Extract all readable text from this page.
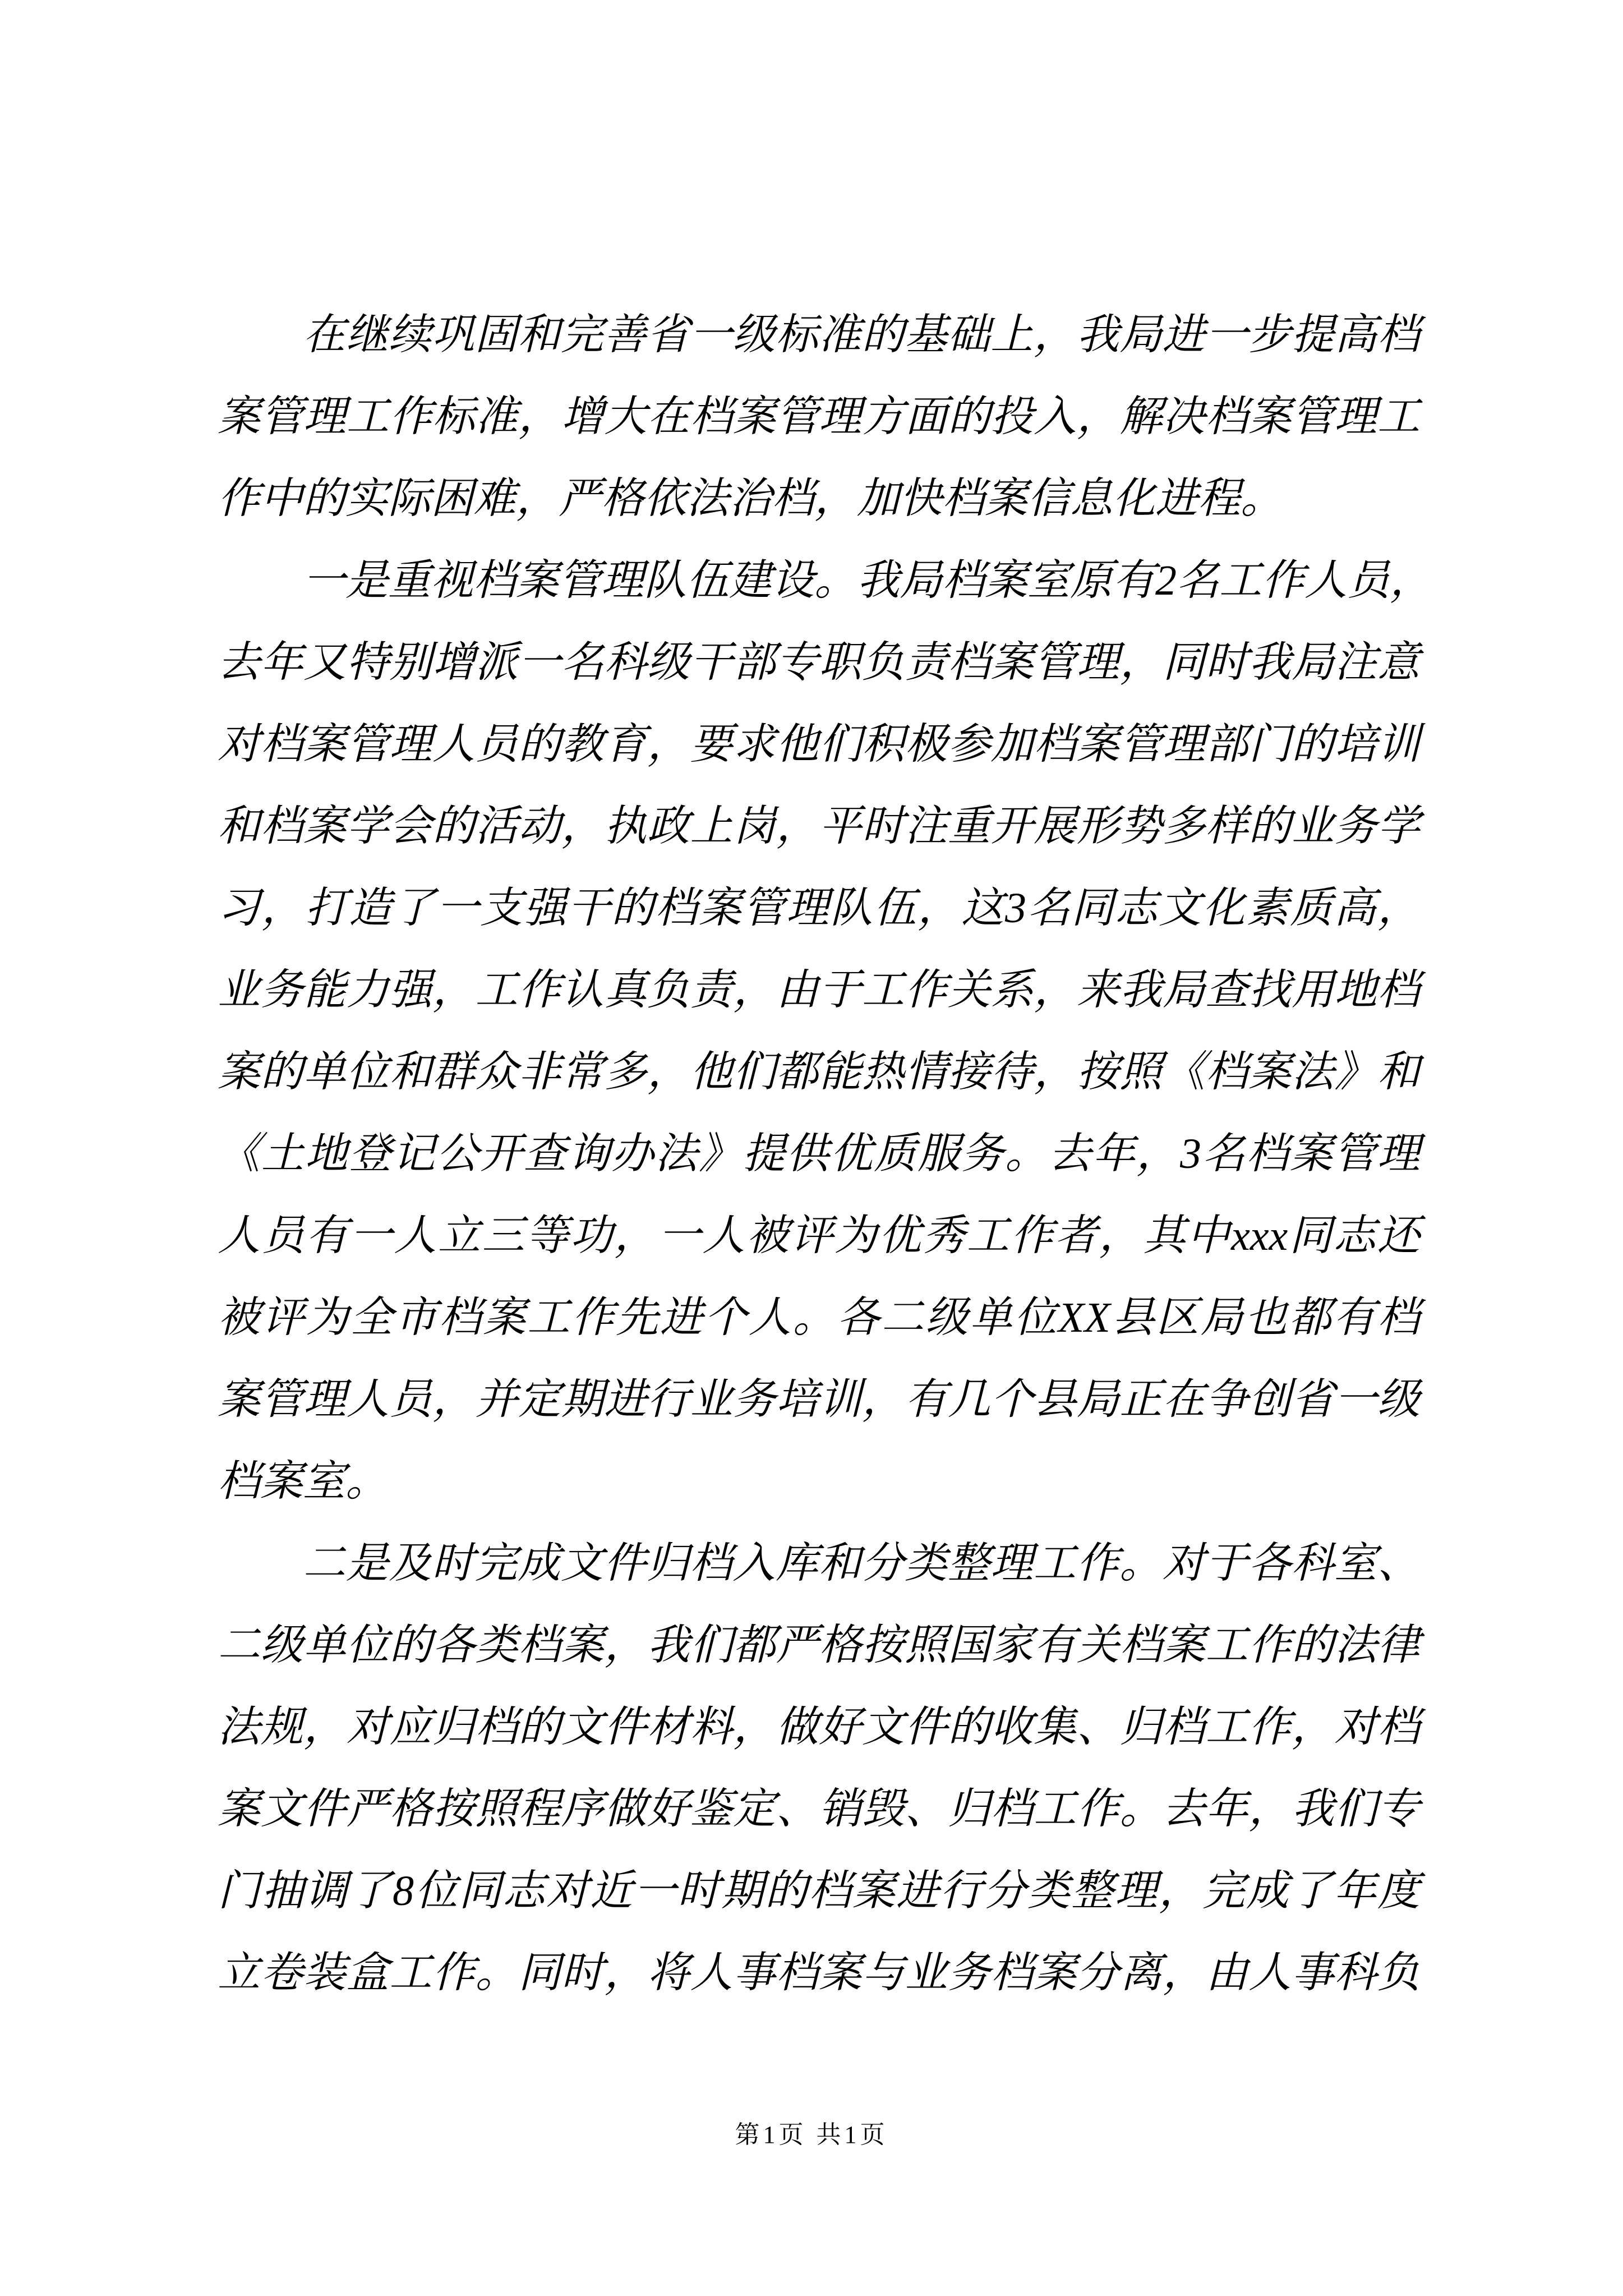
在继续巩固和完善省一级标准的基础上，我局进一步提高档
案管理工作标准，增大在档案管理方面的投入，解决档案管理工
作中的实际困难，严格依法治档，加快档案信息化进程。
一是重视档案管理队伍建设。我局档案室原有2名工作人员，
去年又特别增派一名科级干部专职负责档案管理，同时我局注意
对档案管理人员的教育，要求他们积极参加档案管理部门的培训
和档案学会的活动，执政上岗，平时注重开展形势多样的业务学
习，打造了一支强干的档案管理队伍，这3名同志文化素质高，
业务能力强，工作认真负责，由于工作关系，来我局查找用地档
案的单位和群众非常多，他们都能热情接待，按照《档案法》和
《土地登记公开查询办法》提供优质服务。去年，3名档案管理
人员有一人立三等功，一人被评为优秀工作者，其中xxx同志还
被评为全市档案工作先进个人。各二级单位XX县区局也都有档
案管理人员，并定期进行业务培训，有几个县局正在争创省一级
档案室。
二是及时完成文件归档入库和分类整理工作。对于各科室、
二级单位的各类档案，我们都严格按照国家有关档案工作的法律
法规，对应归档的文件材料，做好文件的收集、归档工作，对档
案文件严格按照程序做好鉴定、销毁、归档工作。去年，我们专
门抽调了8位同志对近一时期的档案进行分类整理，完成了年度
立卷装盒工作。同时，将人事档案与业务档案分离，由人事科负
第1页 共1页
